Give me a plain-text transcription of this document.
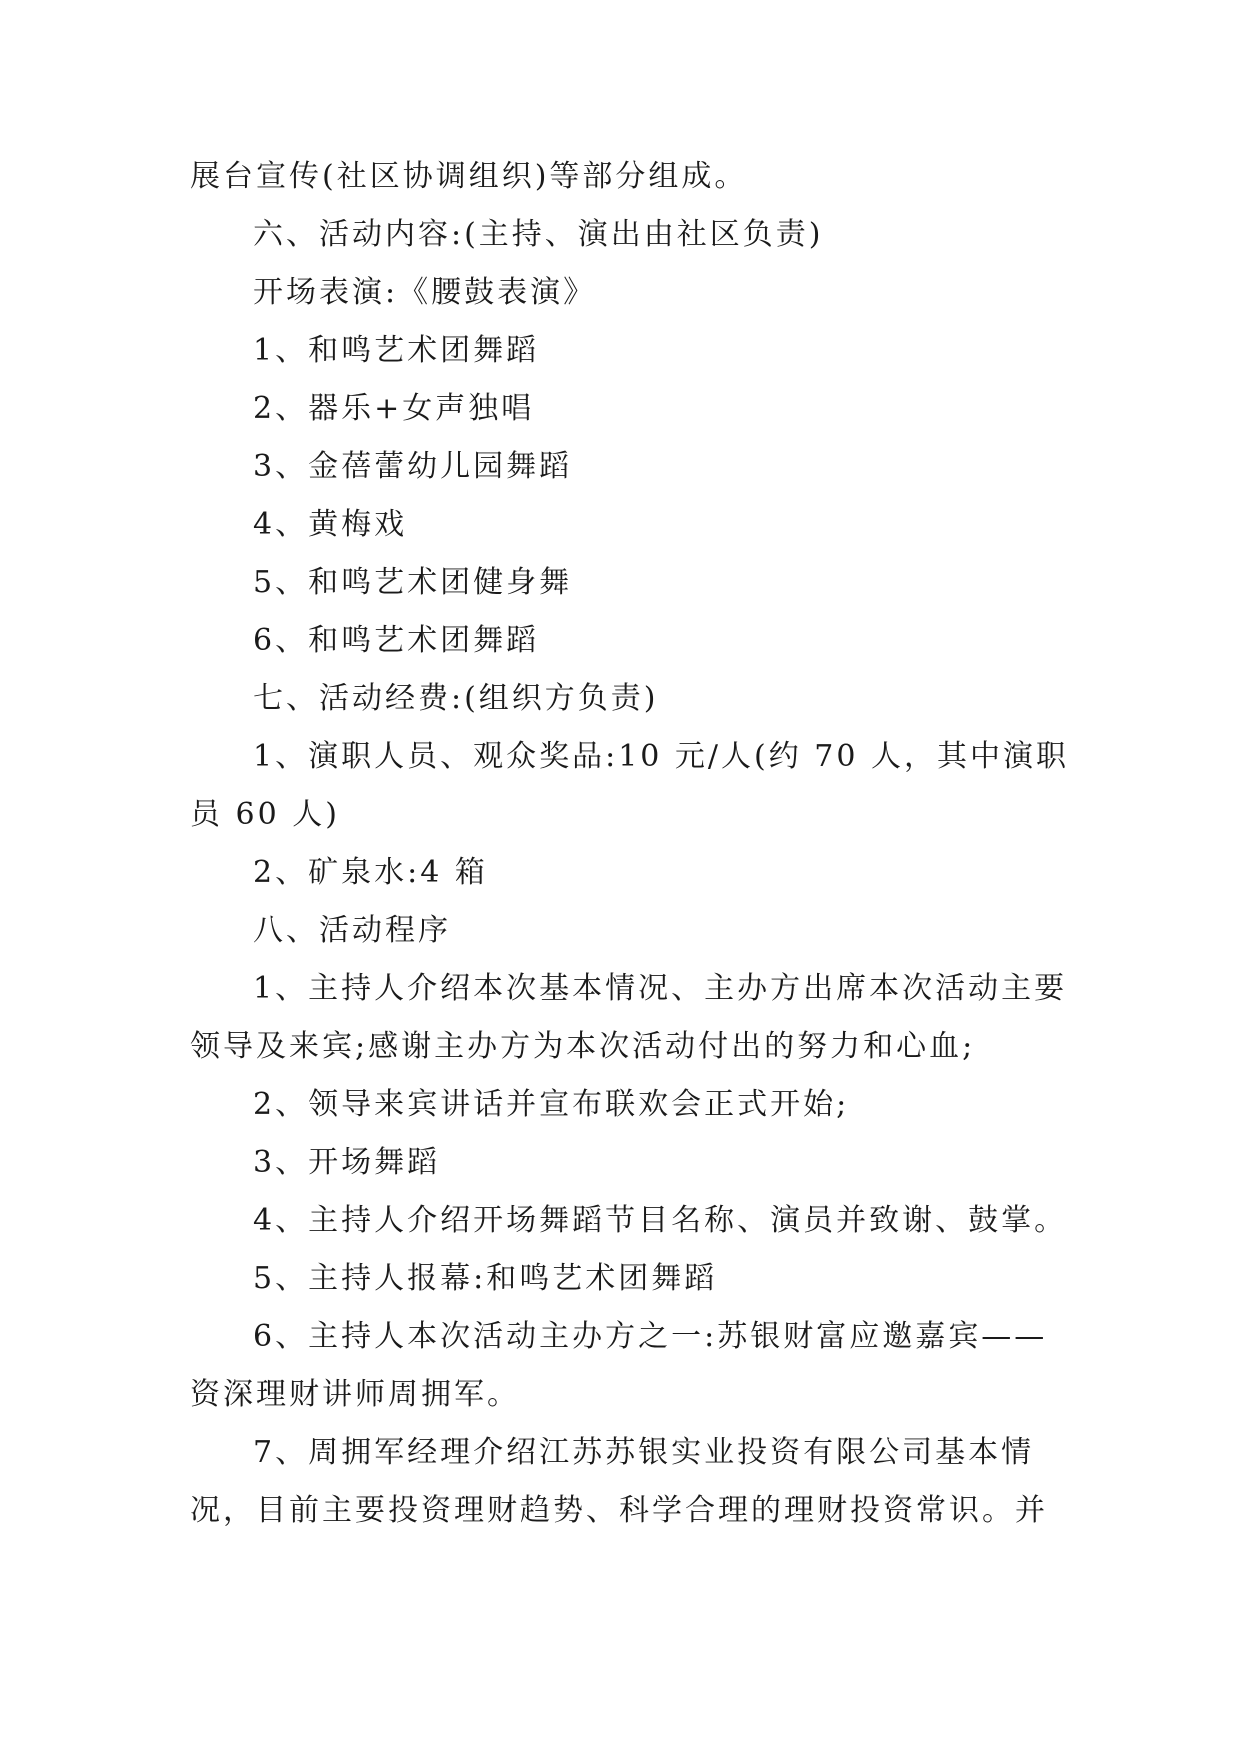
展台宣传(社区协调组织)等部分组成。

六、活动内容:(主持、演出由社区负责)

开场表演:《腰鼓表演》

1、和鸣艺术团舞蹈

2、器乐+女声独唱

3、金蓓蕾幼儿园舞蹈

4、黄梅戏

5、和鸣艺术团健身舞

6、和鸣艺术团舞蹈

七、活动经费:(组织方负责)

1、演职人员、观众奖品:10 元/人(约 70 人，其中演职员 60 人)

2、矿泉水:4 箱

八、活动程序

1、主持人介绍本次基本情况、主办方出席本次活动主要领导及来宾;感谢主办方为本次活动付出的努力和心血;

2、领导来宾讲话并宣布联欢会正式开始;

3、开场舞蹈

4、主持人介绍开场舞蹈节目名称、演员并致谢、鼓掌。

5、主持人报幕:和鸣艺术团舞蹈

6、主持人本次活动主办方之一:苏银财富应邀嘉宾——资深理财讲师周拥军。

7、周拥军经理介绍江苏苏银实业投资有限公司基本情况，目前主要投资理财趋势、科学合理的理财投资常识。并
